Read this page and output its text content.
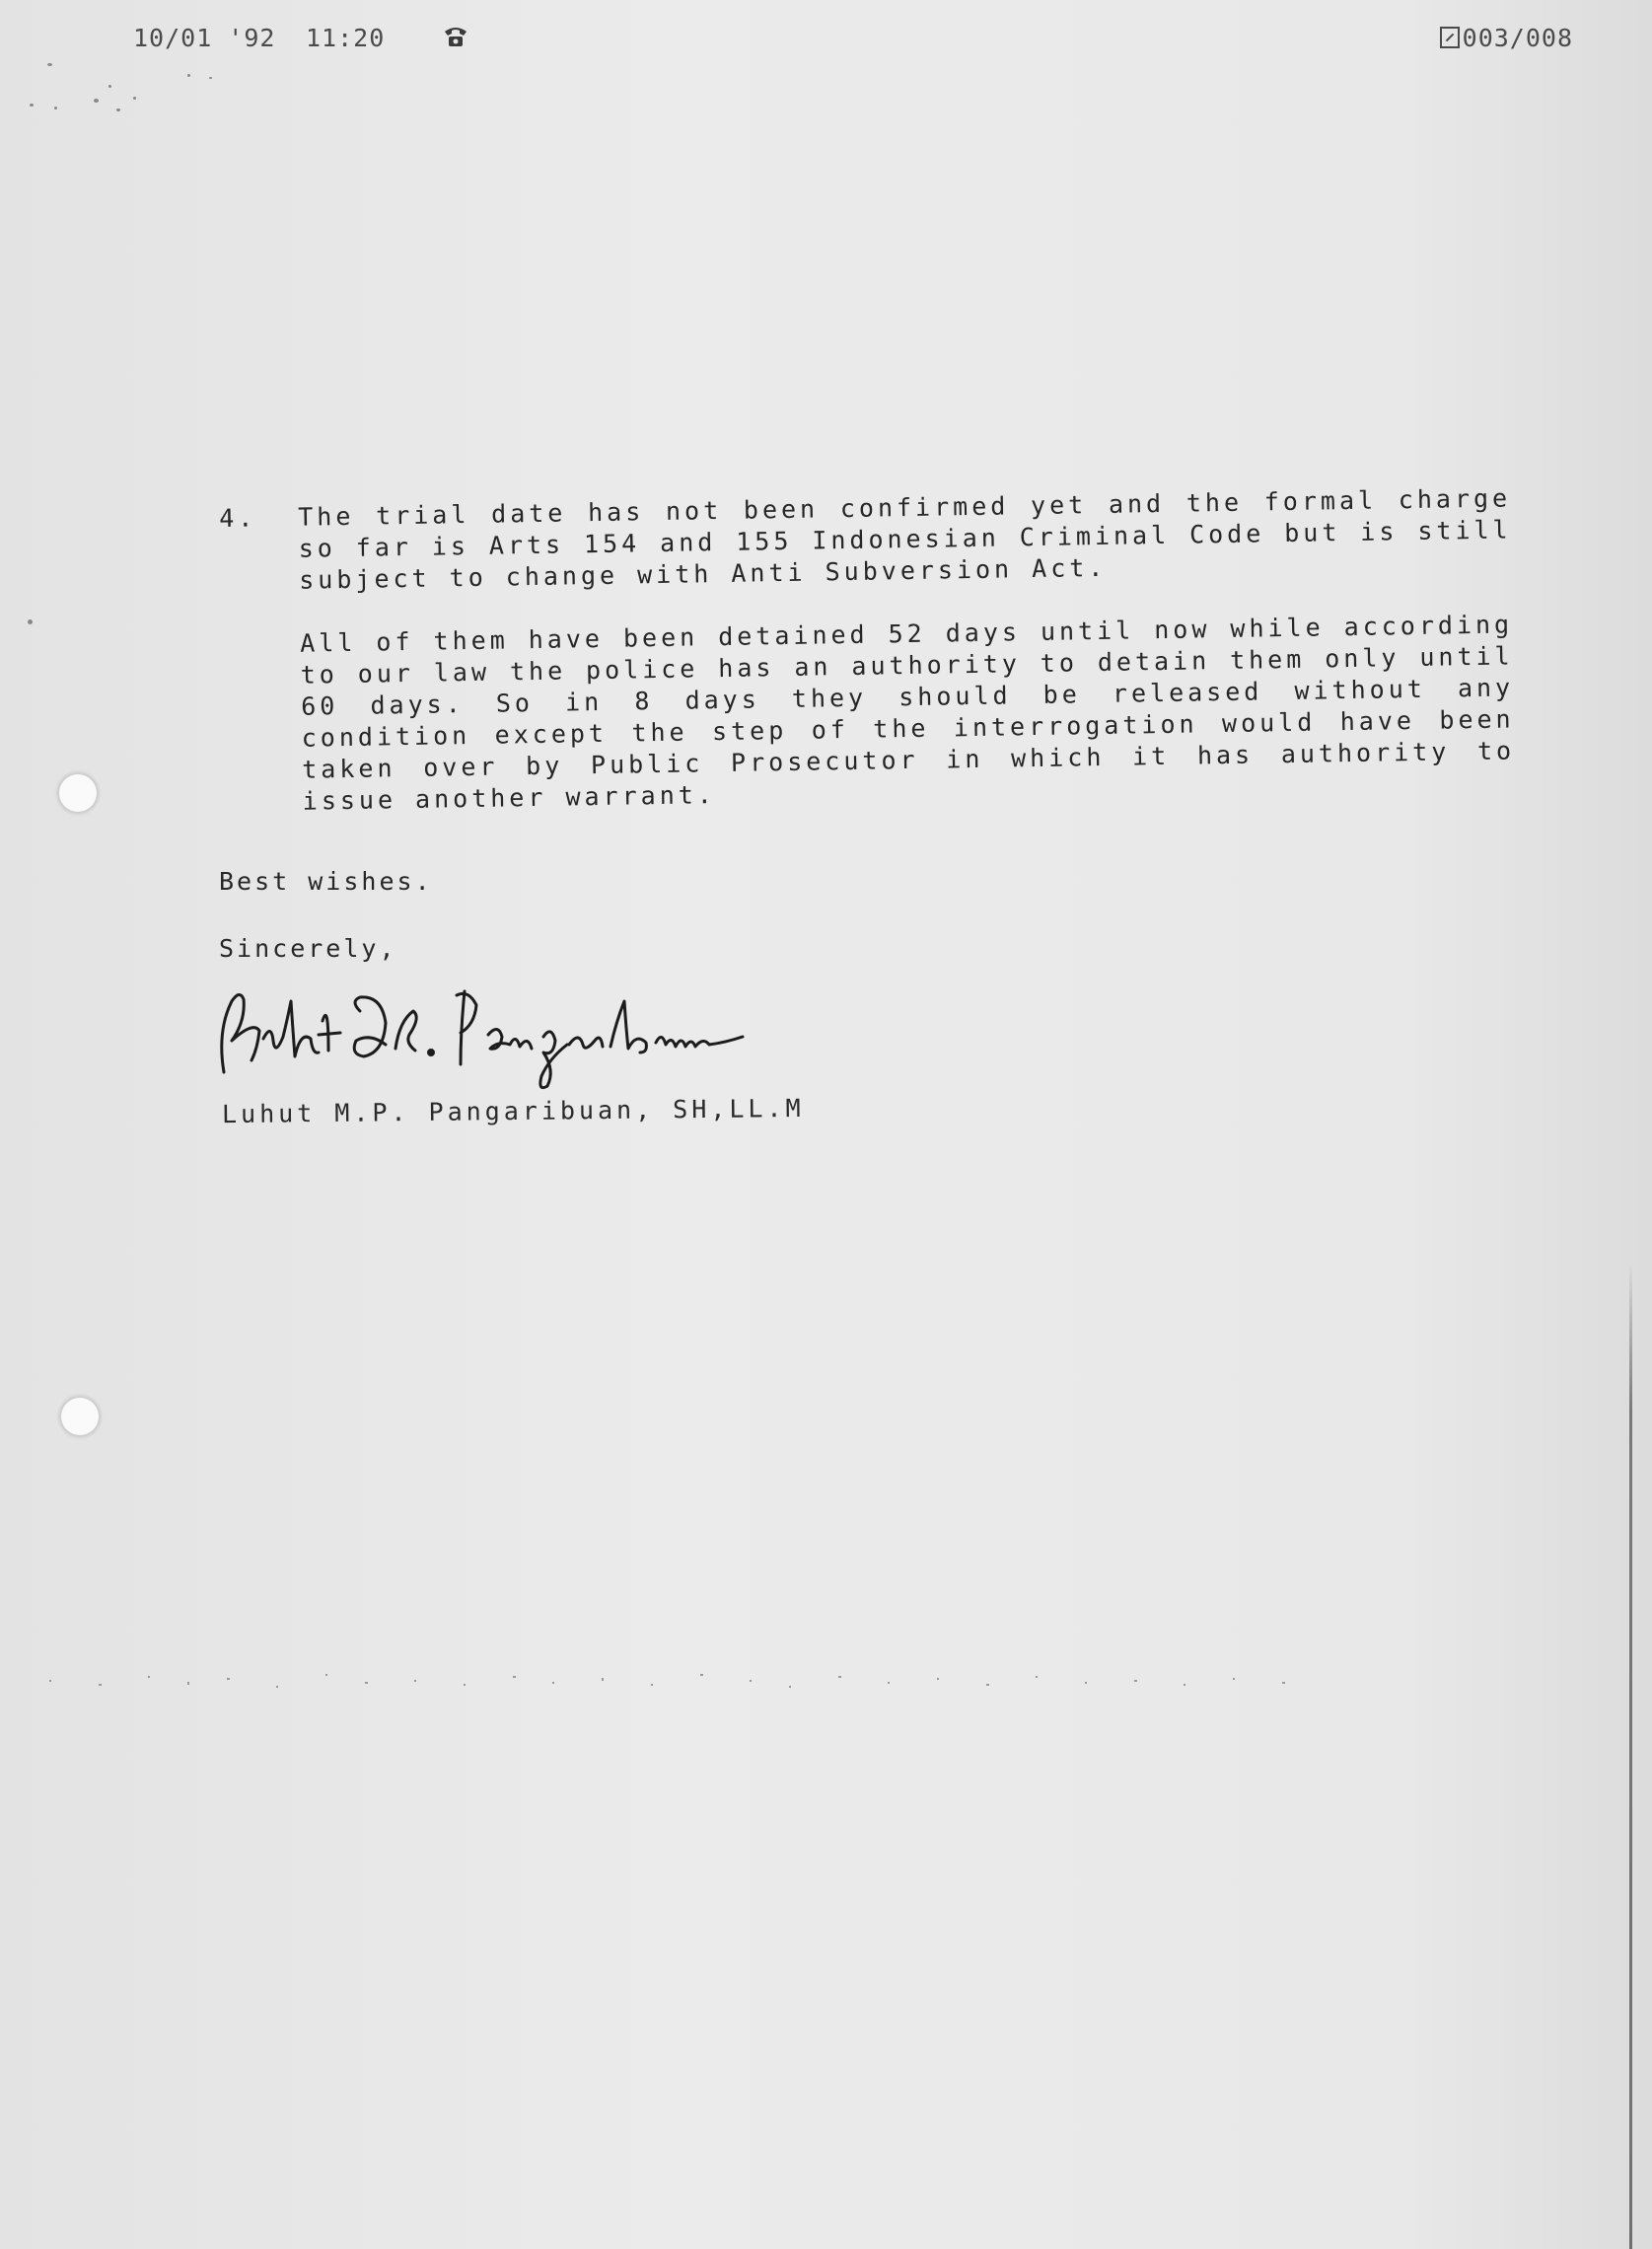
10/01 '92 11:20	003/008
4. The trial date has not been confirmed yet and the formal charge so far is Arts 154 and 155 Indonesian Criminal Code but is still subject to change with Anti Subversion Act.

All of them have been detained 52 days until now while according to our law the police has an authority to detain them only until 60 days. So in 8 days they should be released without any condition except the step of the interrogation would have been taken over by Public Prosecutor in which it has authority to issue another warrant.

Best wishes.
Sincerely,
Luhut M.P. Pangaribuan, SH,LL.M
